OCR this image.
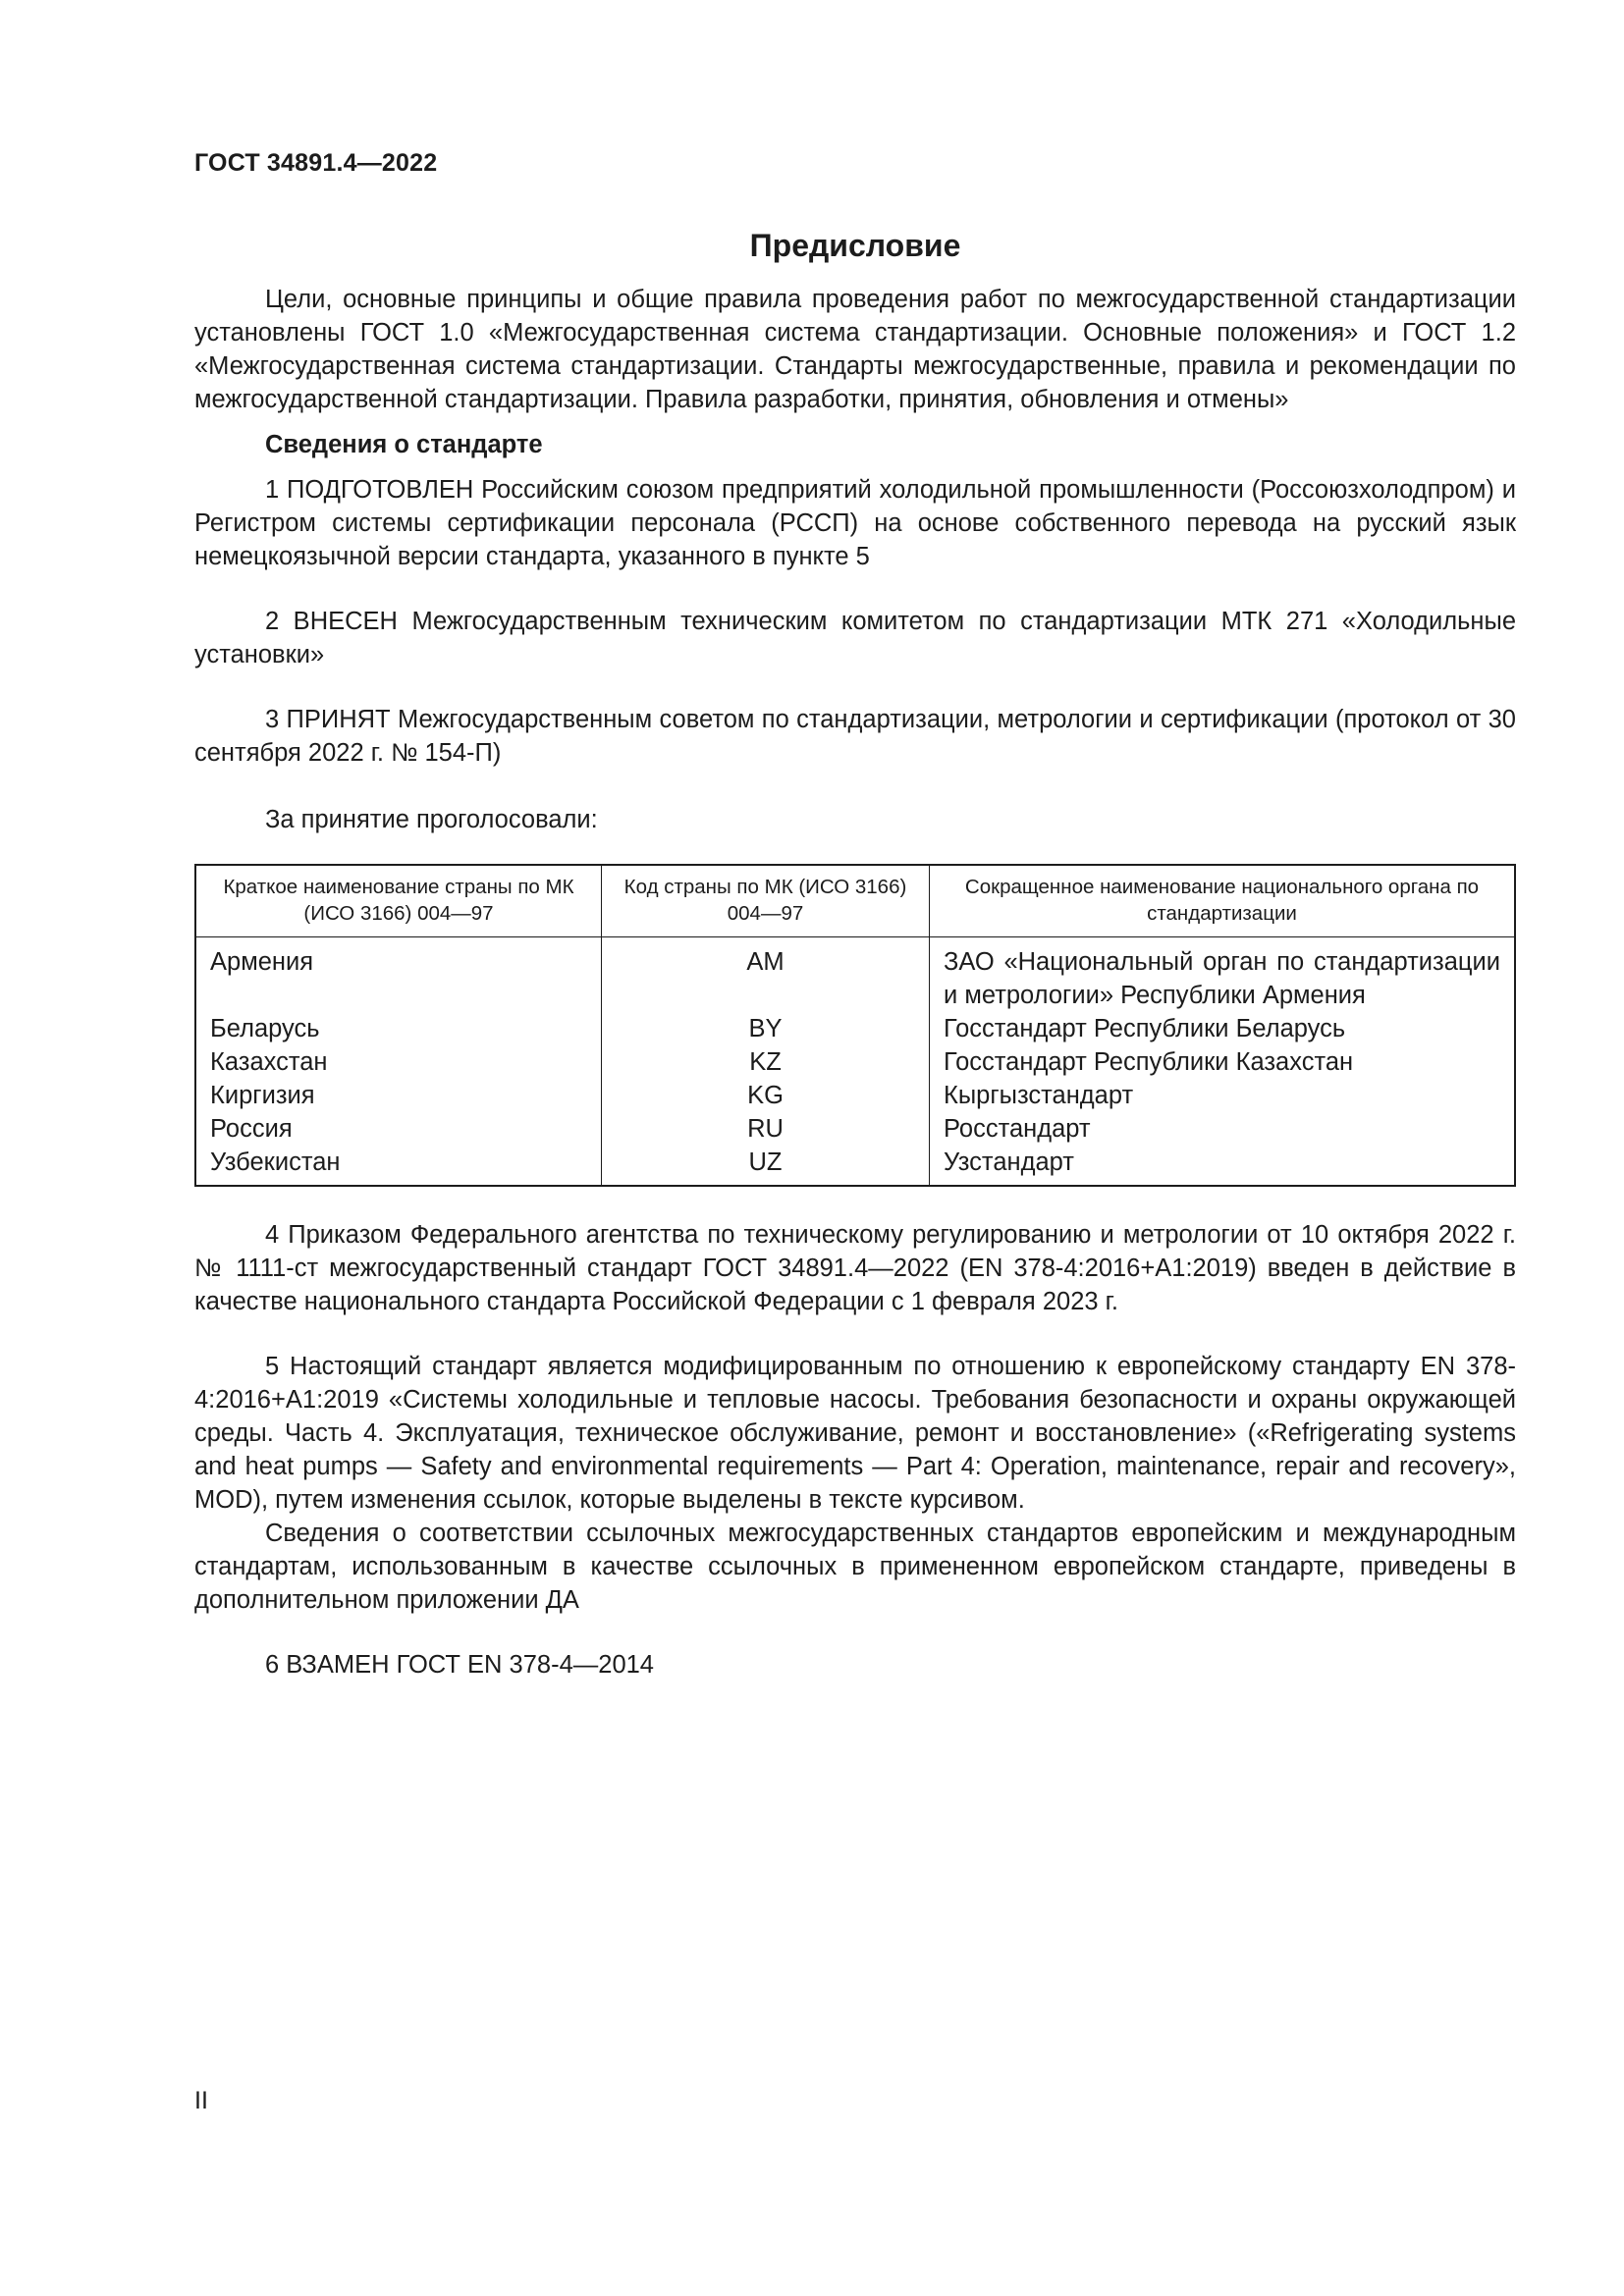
ГОСТ 34891.4—2022
Предисловие

Цели, основные принципы и общие правила проведения работ по межгосударственной стандартизации установлены ГОСТ 1.0 «Межгосударственная система стандартизации. Основные положения» и ГОСТ 1.2 «Межгосударственная система стандартизации. Стандарты межгосударственные, правила и рекомендации по межгосударственной стандартизации. Правила разработки, принятия, обновления и отмены»

Сведения о стандарте

1 ПОДГОТОВЛЕН Российским союзом предприятий холодильной промышленности (Россоюзхолодпром) и Регистром системы сертификации персонала (РССП) на основе собственного перевода на русский язык немецкоязычной версии стандарта, указанного в пункте 5

2 ВНЕСЕН Межгосударственным техническим комитетом по стандартизации МТК 271 «Холодильные установки»

3 ПРИНЯТ Межгосударственным советом по стандартизации, метрологии и сертификации (протокол от 30 сентября 2022 г. № 154-П)

За принятие проголосовали:

Краткое наименование страны по МК (ИСО 3166) 004—97	Код страны по МК (ИСО 3166) 004—97	Сокращенное наименование национального органа по стандартизации
Армения	AM	ЗАО «Национальный орган по стандартизации и метрологии» Республики Армения
Беларусь	BY	Госстандарт Республики Беларусь
Казахстан	KZ	Госстандарт Республики Казахстан
Киргизия	KG	Кыргызстандарт
Россия	RU	Росстандарт
Узбекистан	UZ	Узстандарт

4 Приказом Федерального агентства по техническому регулированию и метрологии от 10 октября 2022 г. № 1111-ст межгосударственный стандарт ГОСТ 34891.4—2022 (EN 378-4:2016+A1:2019) введен в действие в качестве национального стандарта Российской Федерации с 1 февраля 2023 г.

5 Настоящий стандарт является модифицированным по отношению к европейскому стандарту EN 378-4:2016+A1:2019 «Системы холодильные и тепловые насосы. Требования безопасности и охраны окружающей среды. Часть 4. Эксплуатация, техническое обслуживание, ремонт и восстановление» («Refrigerating systems and heat pumps — Safety and environmental requirements — Part 4: Operation, maintenance, repair and recovery», MOD), путем изменения ссылок, которые выделены в тексте курсивом.

Сведения о соответствии ссылочных межгосударственных стандартов европейским и международным стандартам, использованным в качестве ссылочных в примененном европейском стандарте, приведены в дополнительном приложении ДА

6 ВЗАМЕН ГОСТ EN 378-4—2014

II
